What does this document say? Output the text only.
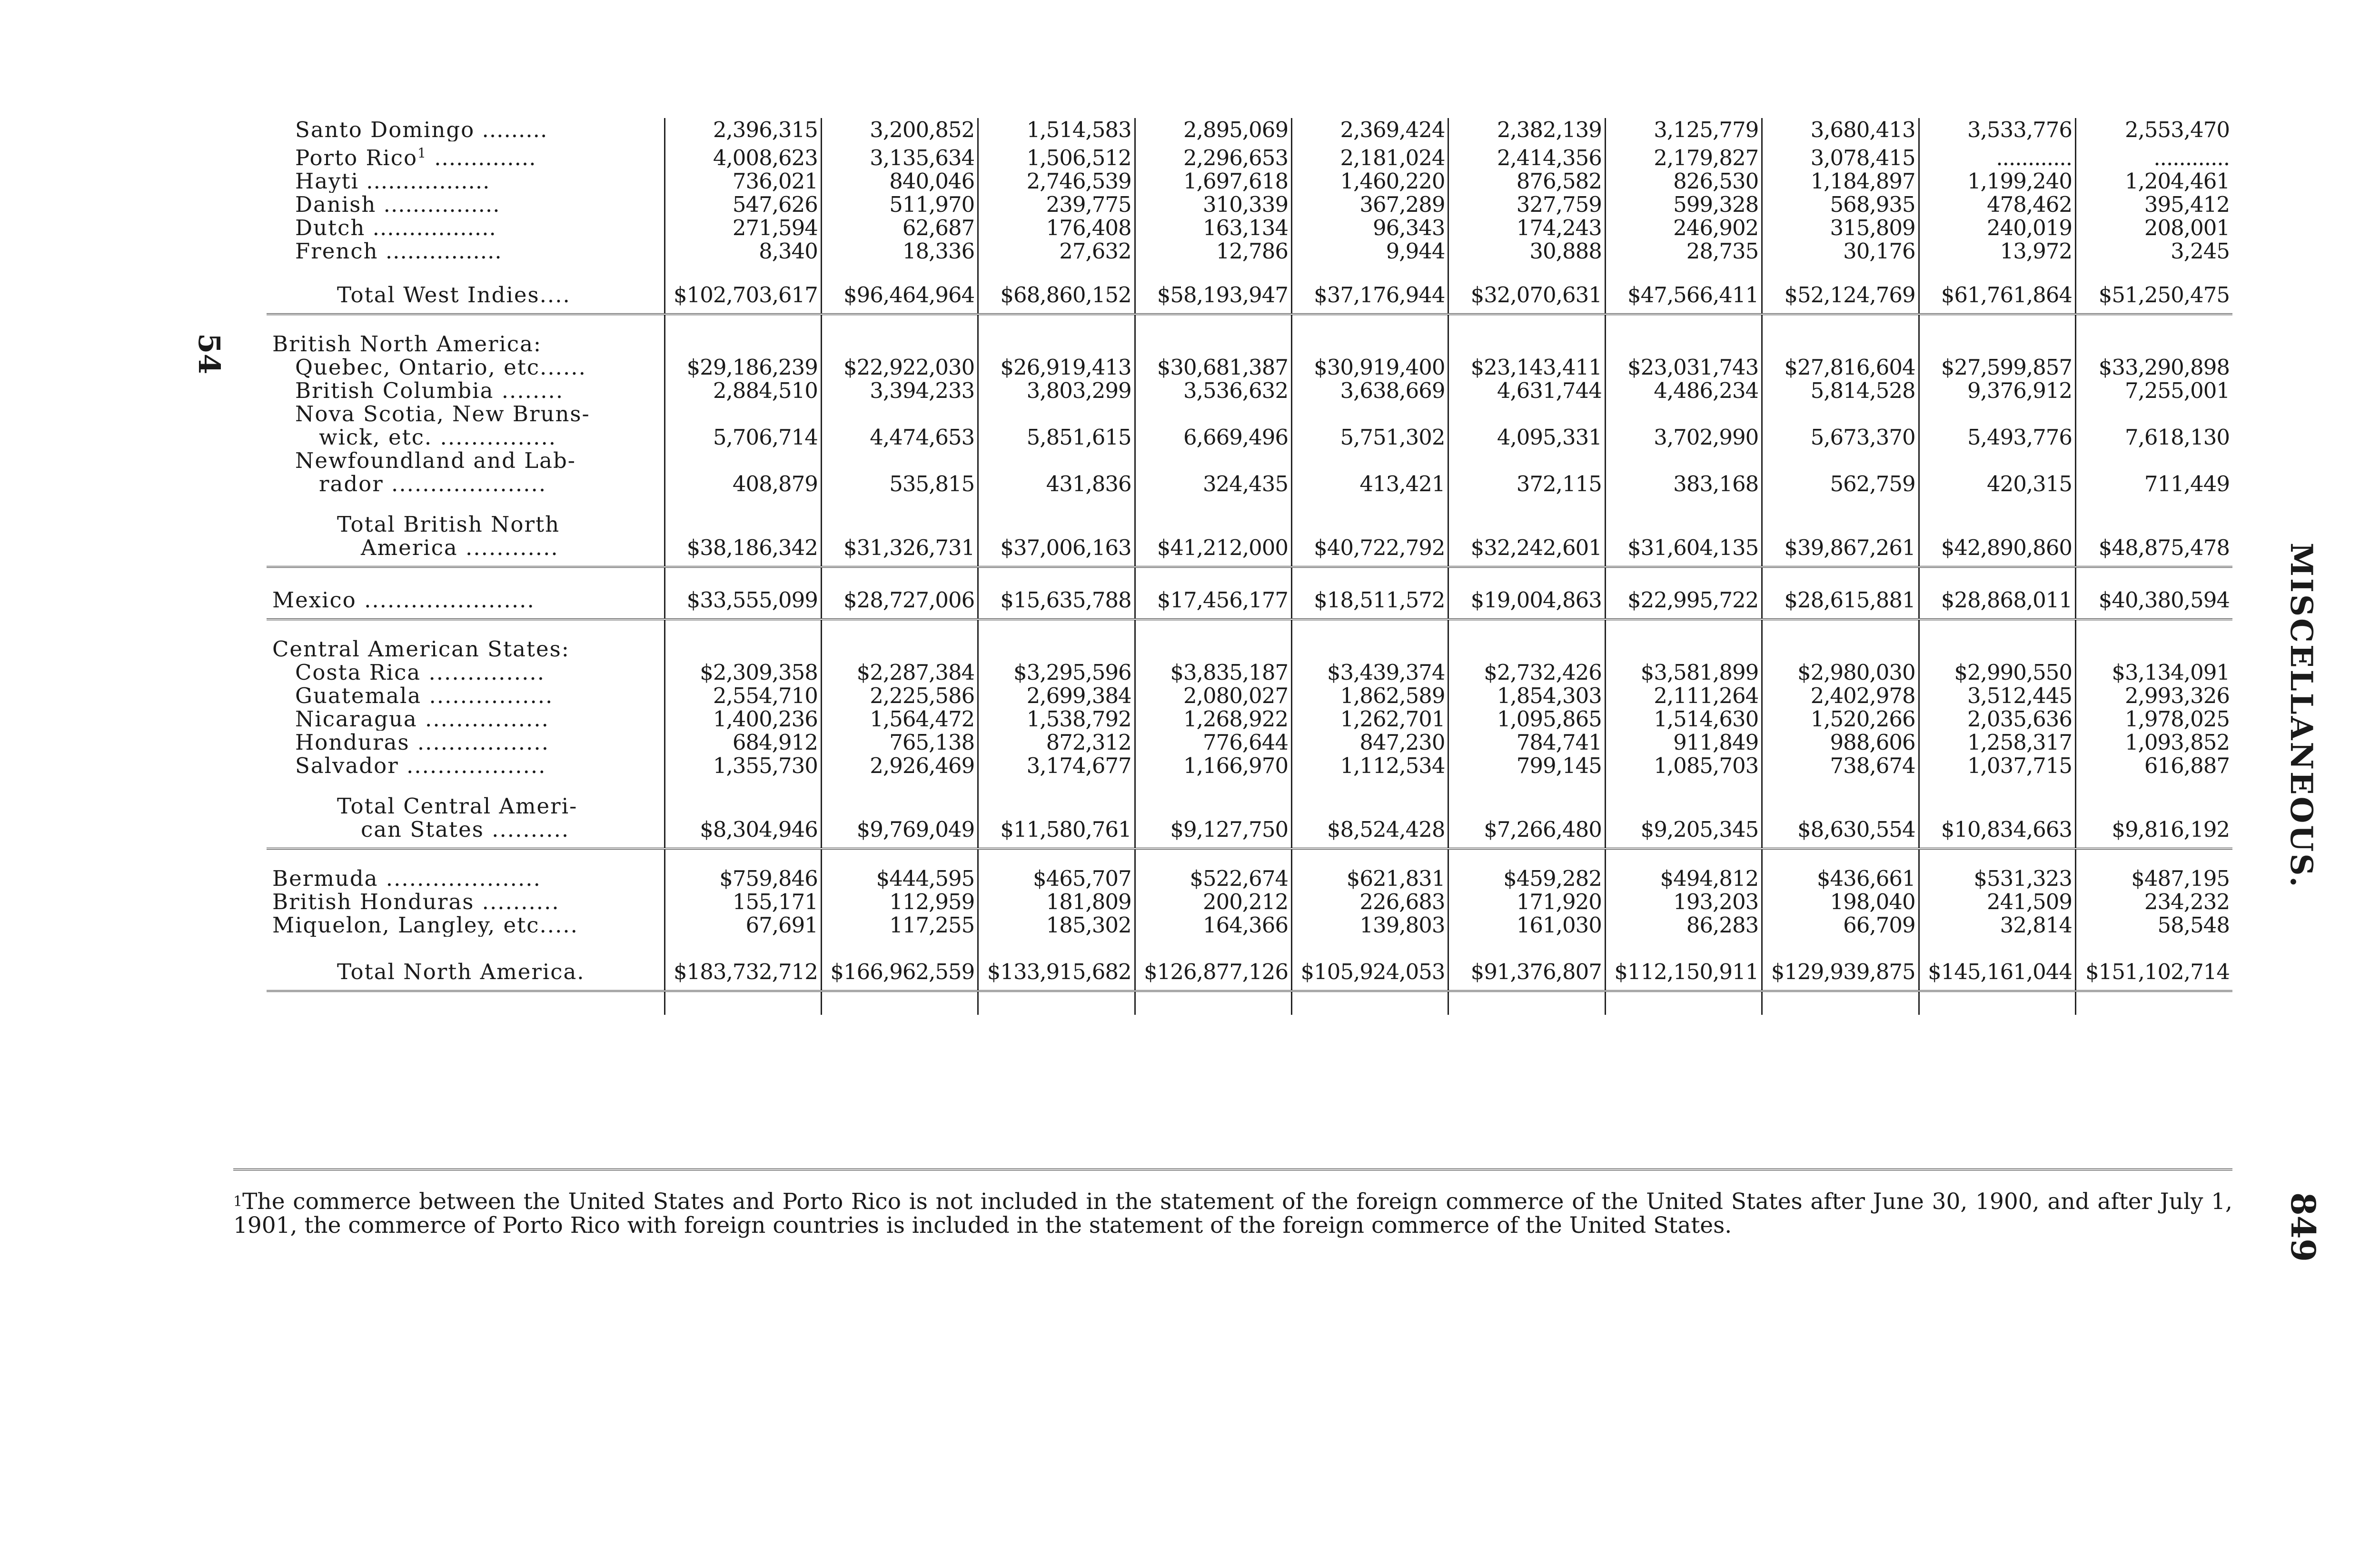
54
MISCELLANEOUS.
849
Santo Domingo .........	2,396,315	3,200,852	1,514,583	2,895,069	2,369,424	2,382,139	3,125,779	3,680,413	3,533,776	2,553,470
Porto Rico$^1$ ..............	4,008,623	3,135,634	1,506,512	2,296,653	2,181,024	2,414,356	2,179,827	3,078,415	............	............
Hayti .................	736,021	840,046	2,746,539	1,697,618	1,460,220	876,582	826,530	1,184,897	1,199,240	1,204,461
Danish ................	547,626	511,970	239,775	310,339	367,289	327,759	599,328	568,935	478,462	395,412
Dutch .................	271,594	62,687	176,408	163,134	96,343	174,243	246,902	315,809	240,019	208,001
French ................	8,340	18,336	27,632	12,786	9,944	30,888	28,735	30,176	13,972	3,245

Total West Indies....	$102,703,617	$96,464,964	$68,860,152	$58,193,947	$37,176,944	$32,070,631	$47,566,411	$52,124,769	$61,761,864	$51,250,475

British North America:										
Quebec, Ontario, etc......	$29,186,239	$22,922,030	$26,919,413	$30,681,387	$30,919,400	$23,143,411	$23,031,743	$27,816,604	$27,599,857	$33,290,898
British Columbia ........	2,884,510	3,394,233	3,803,299	3,536,632	3,638,669	4,631,744	4,486,234	5,814,528	9,376,912	7,255,001

Nova Scotia, New Bruns-
wick, etc. ...............	5,706,714	4,474,653	5,851,615	6,669,496	5,751,302	4,095,331	3,702,990	5,673,370	5,493,776	7,618,130

Newfoundland and Lab-
rador ....................	408,879	535,815	431,836	324,435	413,421	372,115	383,168	562,759	420,315	711,449

Total British North
America ............	$38,186,342	$31,326,731	$37,006,163	$41,212,000	$40,722,792	$32,242,601	$31,604,135	$39,867,261	$42,890,860	$48,875,478

Mexico ......................	$33,555,099	$28,727,006	$15,635,788	$17,456,177	$18,511,572	$19,004,863	$22,995,722	$28,615,881	$28,868,011	$40,380,594

Central American States:										
Costa Rica ...............	$2,309,358	$2,287,384	$3,295,596	$3,835,187	$3,439,374	$2,732,426	$3,581,899	$2,980,030	$2,990,550	$3,134,091
Guatemala ................	2,554,710	2,225,586	2,699,384	2,080,027	1,862,589	1,854,303	2,111,264	2,402,978	3,512,445	2,993,326
Nicaragua ................	1,400,236	1,564,472	1,538,792	1,268,922	1,262,701	1,095,865	1,514,630	1,520,266	2,035,636	1,978,025
Honduras .................	684,912	765,138	872,312	776,644	847,230	784,741	911,849	988,606	1,258,317	1,093,852
Salvador ..................	1,355,730	2,926,469	3,174,677	1,166,970	1,112,534	799,145	1,085,703	738,674	1,037,715	616,887

Total Central Ameri-
can States ..........	$8,304,946	$9,769,049	$11,580,761	$9,127,750	$8,524,428	$7,266,480	$9,205,345	$8,630,554	$10,834,663	$9,816,192

Bermuda ....................	$759,846	$444,595	$465,707	$522,674	$621,831	$459,282	$494,812	$436,661	$531,323	$487,195
British Honduras ..........	155,171	112,959	181,809	200,212	226,683	171,920	193,203	198,040	241,509	234,232
Miquelon, Langley, etc.....	67,691	117,255	185,302	164,366	139,803	161,030	86,283	66,709	32,814	58,548

Total North America.	$183,732,712	$166,962,559	$133,915,682	$126,877,126	$105,924,053	$91,376,807	$112,150,911	$129,939,875	$145,161,044	$151,102,714

$^1$The commerce between the United States and Porto Rico is not included in the statement of the foreign commerce of the United States after June 30, 1900, and after July 1, 1901, the commerce of Porto Rico with foreign countries is included in the statement of the foreign commerce of the United States.
